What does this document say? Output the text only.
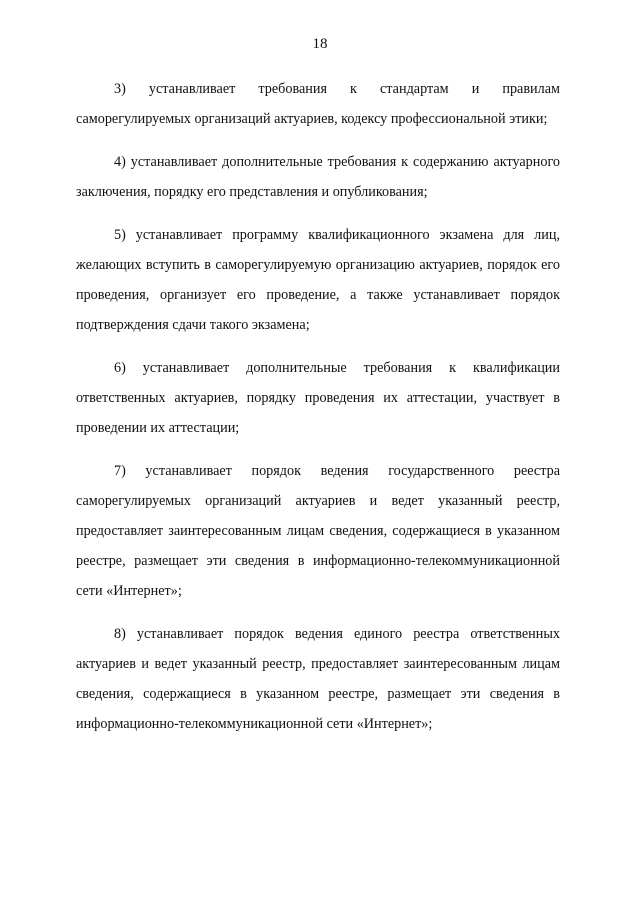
18

3) устанавливает требования к стандартам и правилам саморегулируемых организаций актуариев, кодексу профессиональной этики;

4) устанавливает дополнительные требования к содержанию актуарного заключения, порядку его представления и опубликования;

5) устанавливает программу квалификационного экзамена для лиц, желающих вступить в саморегулируемую организацию актуариев, порядок его проведения, организует его проведение, а также устанавливает порядок подтверждения сдачи такого экзамена;

6) устанавливает дополнительные требования к квалификации ответственных актуариев, порядку проведения их аттестации, участвует в проведении их аттестации;

7) устанавливает порядок ведения государственного реестра саморегулируемых организаций актуариев и ведет указанный реестр, предоставляет заинтересованным лицам сведения, содержащиеся в указанном реестре, размещает эти сведения в информационно-телекоммуникационной сети «Интернет»;

8) устанавливает порядок ведения единого реестра ответственных актуариев и ведет указанный реестр, предоставляет заинтересованным лицам сведения, содержащиеся в указанном реестре, размещает эти сведения в информационно-телекоммуникационной сети «Интернет»;
